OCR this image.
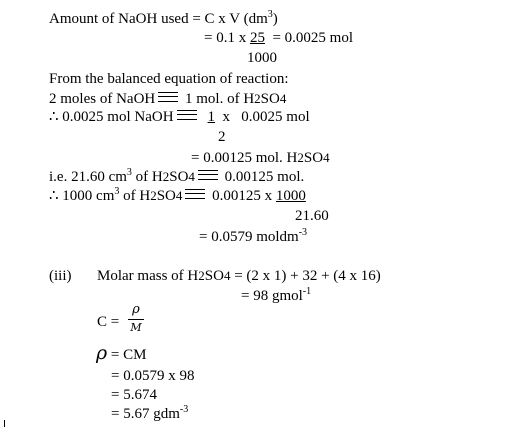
Amount of NaOH used = C x V $(dm^3)$
= 0.1 x 25  = 0.0025 mol
1000
From the balanced equation of reaction:
2 moles of NaOH 1 mol. of H2SO4
∴ 0.0025 mol NaOH 1  x   0.0025 mol
2
= 0.00125 mol. H2SO4
i.e. 21.60 $cm^3$ of H2SO4 0.00125 mol.
∴ 1000 $cm^3$ of H2SO4 0.00125 x 1000
21.60
= 0.0579 moldm$^{-3}$
(iii) Molar mass of H2SO4 = (2 x 1) + 32 + (4 x 16)
= 98 gmol$^{-1}$
C =
ρ
M
ρ = CM
= 0.0579 x 98
= 5.674
= 5.67 gdm$^{-3}$
